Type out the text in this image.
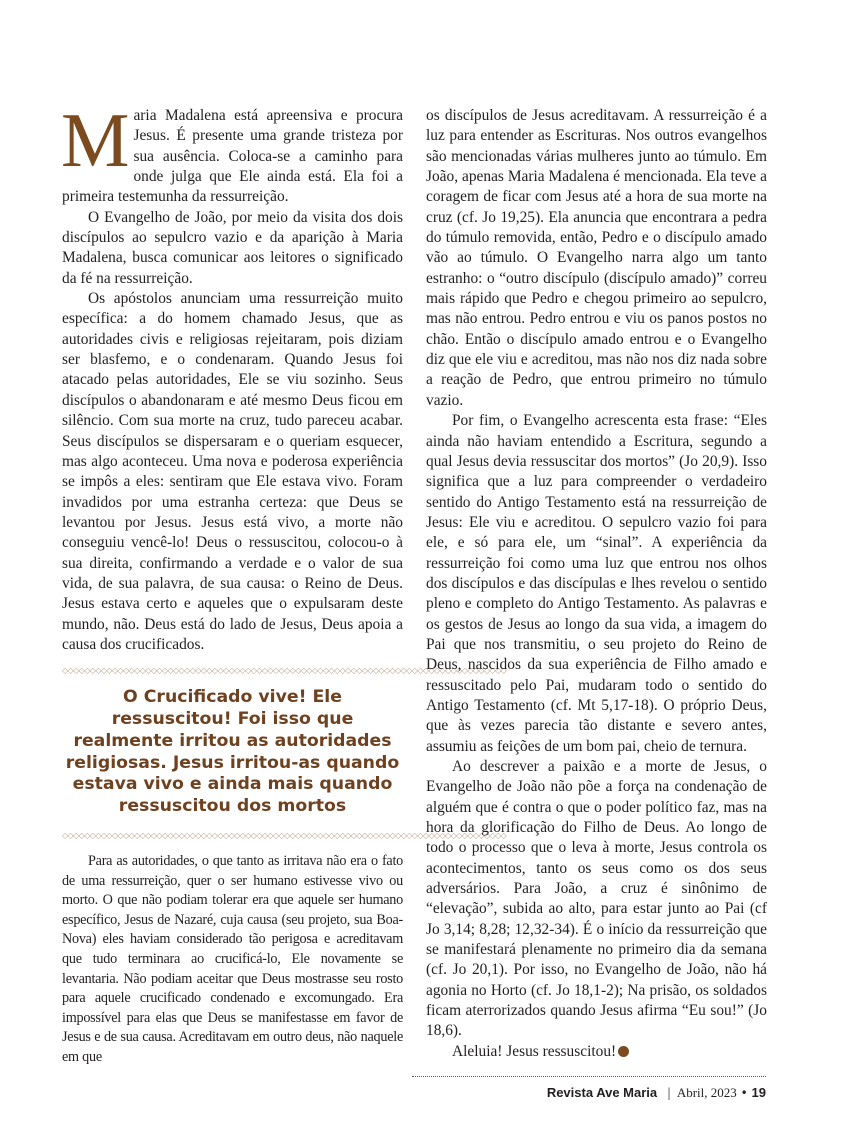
Maria Madalena está apreensiva e procura Jesus. É presente uma grande tristeza por sua ausência. Coloca-se a caminho para onde julga que Ele ainda está. Ela foi a primeira testemunha da ressurreição.

O Evangelho de João, por meio da visita dos dois discípulos ao sepulcro vazio e da aparição à Maria Madalena, busca comunicar aos leitores o significado da fé na ressurreição.

Os apóstolos anunciam uma ressurreição muito específica: a do homem chamado Jesus, que as autoridades civis e religiosas rejeitaram, pois diziam ser blasfemo, e o condenaram. Quando Jesus foi atacado pelas autoridades, Ele se viu sozinho. Seus discípulos o abandonaram e até mesmo Deus ficou em silêncio. Com sua morte na cruz, tudo pareceu acabar. Seus discípulos se dispersaram e o queriam esquecer, mas algo aconteceu. Uma nova e poderosa experiência se impôs a eles: sentiram que Ele estava vivo. Foram invadidos por uma estranha certeza: que Deus se levantou por Jesus. Jesus está vivo, a morte não conseguiu vencê-lo! Deus o ressuscitou, colocou-o à sua direita, confirmando a verdade e o valor de sua vida, de sua palavra, de sua causa: o Reino de Deus. Jesus estava certo e aqueles que o expulsaram deste mundo, não. Deus está do lado de Jesus, Deus apoia a causa dos crucificados.

◇◇◇◇◇◇◇◇◇◇◇◇◇◇◇◇◇◇◇◇◇◇◇◇◇◇◇◇◇◇◇◇◇◇◇◇◇◇◇◇◇◇◇◇◇◇◇◇◇◇◇◇◇◇◇◇◇◇◇◇◇◇◇◇◇◇◇◇◇◇◇◇◇◇◇◇◇◇◇◇
O Crucificado vive! Ele ressuscitou! Foi isso que realmente irritou as autoridades religiosas. Jesus irritou-as quando estava vivo e ainda mais quando ressuscitou dos mortos
◇◇◇◇◇◇◇◇◇◇◇◇◇◇◇◇◇◇◇◇◇◇◇◇◇◇◇◇◇◇◇◇◇◇◇◇◇◇◇◇◇◇◇◇◇◇◇◇◇◇◇◇◇◇◇◇◇◇◇◇◇◇◇◇◇◇◇◇◇◇◇◇◇◇◇◇◇◇◇◇

Para as autoridades, o que tanto as irritava não era o fato de uma ressurreição, quer o ser humano estivesse vivo ou morto. O que não podiam tolerar era que aquele ser humano específico, Jesus de Nazaré, cuja causa (seu projeto, sua Boa-Nova) eles haviam considerado tão perigosa e acreditavam que tudo terminara ao crucificá-lo, Ele novamente se levantaria. Não podiam aceitar que Deus mostrasse seu rosto para aquele crucificado condenado e excomungado. Era impossível para elas que Deus se manifestasse em favor de Jesus e de sua causa. Acreditavam em outro deus, não naquele em que

os discípulos de Jesus acreditavam. A ressurreição é a luz para entender as Escrituras. Nos outros evangelhos são mencionadas várias mulheres junto ao túmulo. Em João, apenas Maria Madalena é mencionada. Ela teve a coragem de ficar com Jesus até a hora de sua morte na cruz (cf. Jo 19,25). Ela anuncia que encontrara a pedra do túmulo removida, então, Pedro e o discípulo amado vão ao túmulo. O Evangelho narra algo um tanto estranho: o “outro discípulo (discípulo amado)” correu mais rápido que Pedro e chegou primeiro ao sepulcro, mas não entrou. Pedro entrou e viu os panos postos no chão. Então o discípulo amado entrou e o Evangelho diz que ele viu e acreditou, mas não nos diz nada sobre a reação de Pedro, que entrou primeiro no túmulo vazio.

Por fim, o Evangelho acrescenta esta frase: “Eles ainda não haviam entendido a Escritura, segundo a qual Jesus devia ressuscitar dos mortos” (Jo 20,9). Isso significa que a luz para compreender o verdadeiro sentido do Antigo Testamento está na ressurreição de Jesus: Ele viu e acreditou. O sepulcro vazio foi para ele, e só para ele, um “sinal”. A experiência da ressurreição foi como uma luz que entrou nos olhos dos discípulos e das discípulas e lhes revelou o sentido pleno e completo do Antigo Testamento. As palavras e os gestos de Jesus ao longo da sua vida, a imagem do Pai que nos transmitiu, o seu projeto do Reino de Deus, nascidos da sua experiência de Filho amado e ressuscitado pelo Pai, mudaram todo o sentido do Antigo Testamento (cf. Mt 5,17-18). O próprio Deus, que às vezes parecia tão distante e severo antes, assumiu as feições de um bom pai, cheio de ternura.

Ao descrever a paixão e a morte de Jesus, o Evangelho de João não põe a força na condenação de alguém que é contra o que o poder político faz, mas na hora da glorificação do Filho de Deus. Ao longo de todo o processo que o leva à morte, Jesus controla os acontecimentos, tanto os seus como os dos seus adversários. Para João, a cruz é sinônimo de “elevação”, subida ao alto, para estar junto ao Pai (cf Jo 3,14; 8,28; 12,32-34). É o início da ressurreição que se manifestará plenamente no primeiro dia da semana (cf. Jo 20,1). Por isso, no Evangelho de João, não há agonia no Horto (cf. Jo 18,1-2); Na prisão, os soldados ficam aterrorizados quando Jesus afirma “Eu sou!” (Jo 18,6).

Aleluia! Jesus ressuscitou!

Revista Ave Maria | Abril, 2023 • 19
